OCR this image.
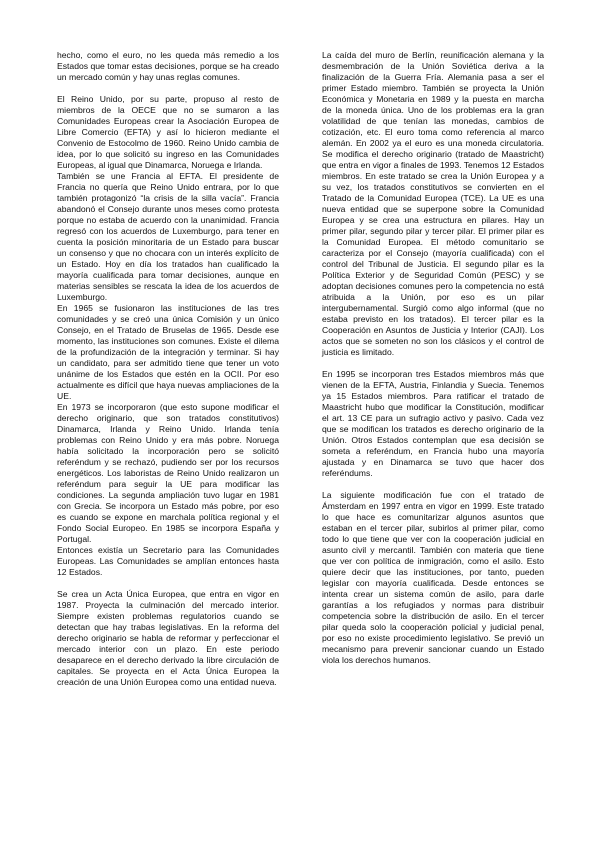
hecho, como el euro, no les queda más remedio a los Estados que tomar estas decisiones, porque se ha creado un mercado común y hay unas reglas comunes.

El Reino Unido, por su parte, propuso al resto de miembros de la OECE que no se sumaron a las Comunidades Europeas crear la Asociación Europea de Libre Comercio (EFTA) y así lo hicieron mediante el Convenio de Estocolmo de 1960. Reino Unido cambia de idea, por lo que solicitó su ingreso en las Comunidades Europeas, al igual que Dinamarca, Noruega e Irlanda.

También se une Francia al EFTA. El presidente de Francia no quería que Reino Unido entrara, por lo que también protagonizó “la crisis de la silla vacía”. Francia abandonó el Consejo durante unos meses como protesta porque no estaba de acuerdo con la unanimidad. Francia regresó con los acuerdos de Luxemburgo, para tener en cuenta la posición minoritaria de un Estado para buscar un consenso y que no chocara con un interés explícito de un Estado. Hoy en día los tratados han cualificado la mayoría cualificada para tomar decisiones, aunque en materias sensibles se rescata la idea de los acuerdos de Luxemburgo.

En 1965 se fusionaron las instituciones de las tres comunidades y se creó una única Comisión y un único Consejo, en el Tratado de Bruselas de 1965. Desde ese momento, las instituciones son comunes. Existe el dilema de la profundización de la integración y terminar. Si hay un candidato, para ser admitido tiene que tener un voto unánime de los Estados que estén en la OCII. Por eso actualmente es difícil que haya nuevas ampliaciones de la UE.

En 1973 se incorporaron (que esto supone modificar el derecho originario, que son tratados constitutivos) Dinamarca, Irlanda y Reino Unido. Irlanda tenía problemas con Reino Unido y era más pobre. Noruega había solicitado la incorporación pero se solicitó referéndum y se rechazó, pudiendo ser por los recursos energéticos. Los laboristas de Reino Unido realizaron un referéndum para seguir la UE para modificar las condiciones. La segunda ampliación tuvo lugar en 1981 con Grecia. Se incorpora un Estado más pobre, por eso es cuando se expone en marchala política regional y el Fondo Social Europeo. En 1985 se incorpora España y Portugal.

Entonces existía un Secretario para las Comunidades Europeas. Las Comunidades se amplían entonces hasta 12 Estados.

Se crea un Acta Única Europea, que entra en vigor en 1987. Proyecta la culminación del mercado interior. Siempre existen problemas regulatorios cuando se detectan que hay trabas legislativas. En la reforma del derecho originario se habla de reformar y perfeccionar el mercado interior con un plazo. En este periodo desaparece en el derecho derivado la libre circulación de capitales. Se proyecta en el Acta Única Europea la creación de una Unión Europea como una entidad nueva.

La caída del muro de Berlín, reunificación alemana y la desmembración de la Unión Soviética deriva a la finalización de la Guerra Fría. Alemania pasa a ser el primer Estado miembro. También se proyecta la Unión Económica y Monetaria en 1989 y la puesta en marcha de la moneda única. Uno de los problemas era la gran volatilidad de que tenían las monedas, cambios de cotización, etc. El euro toma como referencia al marco alemán. En 2002 ya el euro es una moneda circulatoria. Se modifica el derecho originario (tratado de Maastricht) que entra en vigor a finales de 1993. Tenemos 12 Estados miembros. En este tratado se crea la Unión Europea y a su vez, los tratados constitutivos se convierten en el Tratado de la Comunidad Europea (TCE). La UE es una nueva entidad que se superpone sobre la Comunidad Europea y se crea una estructura en pilares. Hay un primer pilar, segundo pilar y tercer pilar. El primer pilar es la Comunidad Europea. El método comunitario se caracteriza por el Consejo (mayoría cualificada) con el control del Tribunal de Justicia. El segundo pilar es la Política Exterior y de Seguridad Común (PESC) y se adoptan decisiones comunes pero la competencia no está atribuida a la Unión, por eso es un pilar intergubernamental. Surgió como algo informal (que no estaba previsto en los tratados). El tercer pilar es la Cooperación en Asuntos de Justicia y Interior (CAJI). Los actos que se someten no son los clásicos y el control de justicia es limitado.

En 1995 se incorporan tres Estados miembros más que vienen de la EFTA, Austria, Finlandia y Suecia. Tenemos ya 15 Estados miembros. Para ratificar el tratado de Maastricht hubo que modificar la Constitución, modificar el art. 13 CE para un sufragio activo y pasivo. Cada vez que se modifican los tratados es derecho originario de la Unión. Otros Estados contemplan que esa decisión se someta a referéndum, en Francia hubo una mayoría ajustada y en Dinamarca se tuvo que hacer dos referéndums.

La siguiente modificación fue con el tratado de Ámsterdam en 1997 entra en vigor en 1999. Este tratado lo que hace es comunitarizar algunos asuntos que estaban en el tercer pilar, subirlos al primer pilar, como todo lo que tiene que ver con la cooperación judicial en asunto civil y mercantil. También con materia que tiene que ver con política de inmigración, como el asilo. Esto quiere decir que las instituciones, por tanto, pueden legislar con mayoría cualificada. Desde entonces se intenta crear un sistema común de asilo, para darle garantías a los refugiados y normas para distribuir competencia sobre la distribución de asilo. En el tercer pilar queda solo la cooperación policial y judicial penal, por eso no existe procedimiento legislativo. Se previó un mecanismo para prevenir sancionar cuando un Estado viola los derechos humanos.
